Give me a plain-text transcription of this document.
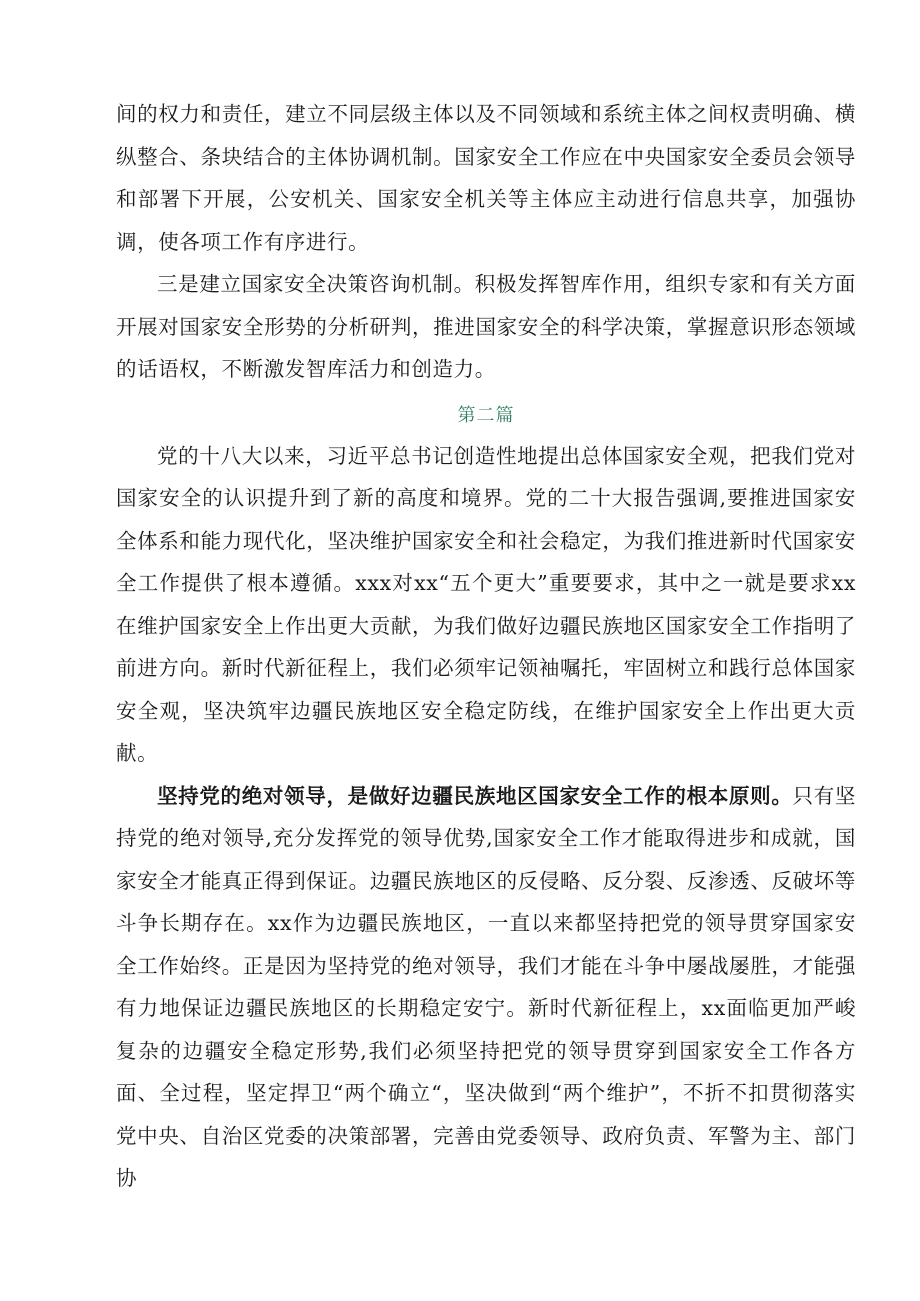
间的权力和责任，建立不同层级主体以及不同领域和系统主体之间权责明确、横纵整合、条块结合的主体协调机制。国家安全工作应在中央国家安全委员会领导和部署下开展，公安机关、国家安全机关等主体应主动进行信息共享，加强协调，使各项工作有序进行。

三是建立国家安全决策咨询机制。积极发挥智库作用，组织专家和有关方面开展对国家安全形势的分析研判，推进国家安全的科学决策，掌握意识形态领域的话语权，不断激发智库活力和创造力。

第二篇

党的十八大以来，习近平总书记创造性地提出总体国家安全观，把我们党对国家安全的认识提升到了新的高度和境界。党的二十大报告强调,要推进国家安全体系和能力现代化，坚决维护国家安全和社会稳定，为我们推进新时代国家安全工作提供了根本遵循。xxx对xx“五个更大”重要要求，其中之一就是要求xx在维护国家安全上作出更大贡献，为我们做好边疆民族地区国家安全工作指明了前进方向。新时代新征程上，我们必须牢记领袖嘱托，牢固树立和践行总体国家安全观，坚决筑牢边疆民族地区安全稳定防线，在维护国家安全上作出更大贡献。

坚持党的绝对领导，是做好边疆民族地区国家安全工作的根本原则。只有坚持党的绝对领导,充分发挥党的领导优势,国家安全工作才能取得进步和成就，国家安全才能真正得到保证。边疆民族地区的反侵略、反分裂、反渗透、反破坏等斗争长期存在。xx作为边疆民族地区，一直以来都坚持把党的领导贯穿国家安全工作始终。正是因为坚持党的绝对领导，我们才能在斗争中屡战屡胜，才能强有力地保证边疆民族地区的长期稳定安宁。新时代新征程上，xx面临更加严峻复杂的边疆安全稳定形势,我们必须坚持把党的领导贯穿到国家安全工作各方面、全过程，坚定捍卫“两个确立“，坚决做到“两个维护”，不折不扣贯彻落实党中央、自治区党委的决策部署，完善由党委领导、政府负责、军警为主、部门协
